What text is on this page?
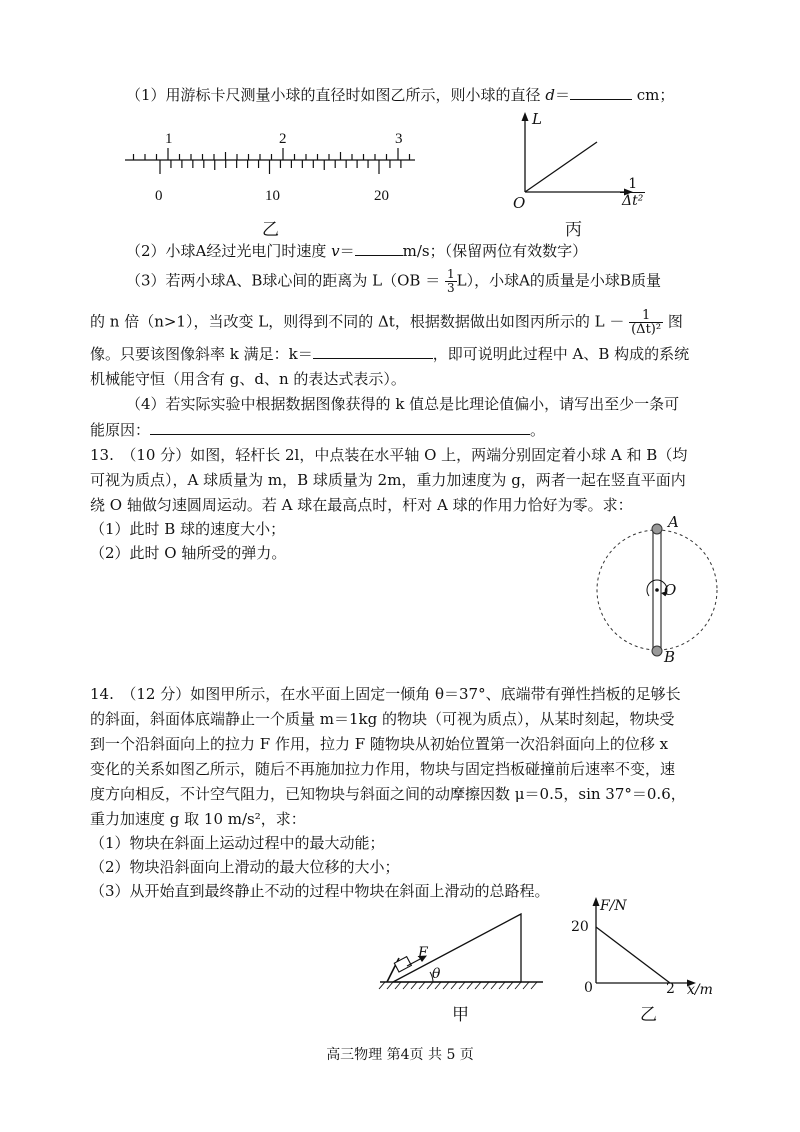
（1）用游标卡尺测量小球的直径时如图乙所示，则小球的直径 d＝	cm；
1	2	3
0	10	20
乙
L
O	$\frac{1}{\text{Δt²}}$
丙
（2）小球A经过光电门时速度 v＝	m/s；（保留两位有效数字）
（3）若两小球A、B球心间的距离为 $L(OB = \frac{1}{3} L)$，小球A的质量是小球B质量
的 n 倍（n>1），当改变 L，则得到不同的 Δt，根据数据做出如图丙所示的 $L - \frac{1}{\text{(Δt)²}}$ 图
像。只要该图像斜率 k 满足：k＝	，即可说明此过程中 A、B 构成的系统
机械能守恒（用含有 g、d、n 的表达式表示）。
（4）若实际实验中根据数据图像获得的 k 值总是比理论值偏小，请写出至少一条可
能原因：	。
13.　（10 分）如图，轻杆长 2l，中点装在水平轴 O 上，两端分别固定着小球 A 和 B（均
可视为质点），A 球质量为 m，B 球质量为 2m，重力加速度为 g，两者一起在竖直平面内
绕 O 轴做匀速圆周运动。若 A 球在最高点时，杆对 A 球的作用力恰好为零。求：
（1）此时 B 球的速度大小；
（2）此时 O 轴所受的弹力。
A
O
B
14.　（12 分）如图甲所示，在水平面上固定一倾角 θ＝37°、底端带有弹性挡板的足够长
的斜面，斜面体底端静止一个质量 m＝1kg 的物块（可视为质点），从某时刻起，物块受
到一个沿斜面向上的拉力 F 作用，拉力 F 随物块从初始位置第一次沿斜面向上的位移 x
变化的关系如图乙所示，随后不再施加拉力作用，物块与固定挡板碰撞前后速率不变，速
度方向相反，不计空气阻力，已知物块与斜面之间的动摩擦因数 μ＝0.5，sin 37°＝0.6，
重力加速度 g 取 10 m/s²，求：
（1）物块在斜面上运动过程中的最大动能；
（2）物块沿斜面向上滑动的最大位移的大小；
（3）从开始直到最终静止不动的过程中物块在斜面上滑动的总路程。
F
θ
甲
F/N
20
0	2 x/m
乙
高三物理 第4页 共 5 页
